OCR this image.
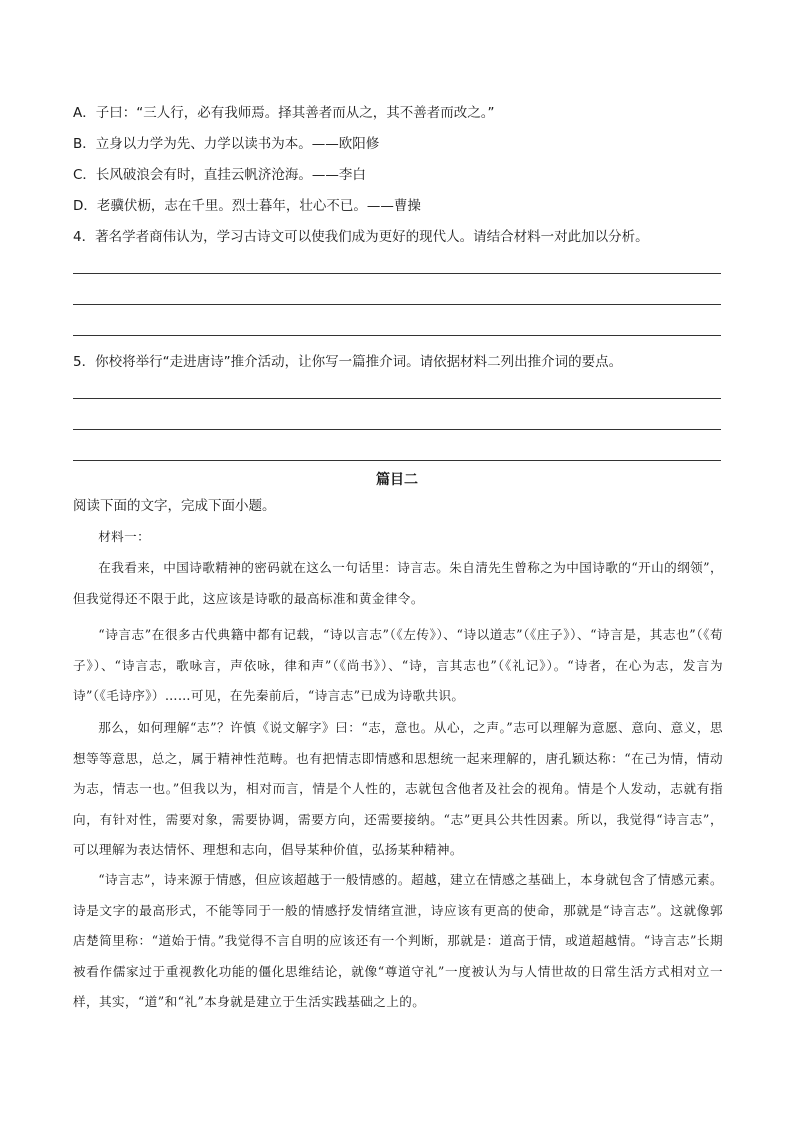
A．子曰：“三人行，必有我师焉。择其善者而从之，其不善者而改之。”
B．立身以力学为先、力学以读书为本。——欧阳修
C．长风破浪会有时，直挂云帆济沧海。——李白
D．老骥伏枥，志在千里。烈士暮年，壮心不已。——曹操
4．著名学者商伟认为，学习古诗文可以使我们成为更好的现代人。请结合材料一对此加以分析。
5．你校将举行“走进唐诗”推介活动，让你写一篇推介词。请依据材料二列出推介词的要点。
篇目二
阅读下面的文字，完成下面小题。
材料一：
在我看来，中国诗歌精神的密码就在这么一句话里：诗言志。朱自清先生曾称之为中国诗歌的“开山的纲领”，但我觉得还不限于此，这应该是诗歌的最高标准和黄金律令。
“诗言志”在很多古代典籍中都有记载，“诗以言志”（《左传》）、“诗以道志”（《庄子》）、“诗言是，其志也”（《荀子》）、“诗言志，歌咏言，声依咏，律和声”（《尚书》）、“诗，言其志也”（《礼记》）。“诗者，在心为志，发言为诗”（《毛诗序》）……可见，在先秦前后，“诗言志”已成为诗歌共识。
那么，如何理解“志”？许慎《说文解字》曰：“志，意也。从心，之声。”志可以理解为意愿、意向、意义，思想等等意思，总之，属于精神性范畴。也有把情志即情感和思想统一起来理解的，唐孔颖达称：“在己为情，情动为志，情志一也。”但我以为，相对而言，情是个人性的，志就包含他者及社会的视角。情是个人发动，志就有指向，有针对性，需要对象，需要协调，需要方向，还需要接纳。“志”更具公共性因素。所以，我觉得“诗言志”，可以理解为表达情怀、理想和志向，倡导某种价值，弘扬某种精神。
“诗言志”，诗来源于情感，但应该超越于一般情感的。超越，建立在情感之基础上，本身就包含了情感元素。诗是文字的最高形式，不能等同于一般的情感抒发情绪宣泄，诗应该有更高的使命，那就是“诗言志”。这就像郭店楚简里称：“道始于情。”我觉得不言自明的应该还有一个判断，那就是：道高于情，或道超越情。“诗言志”长期被看作儒家过于重视教化功能的僵化思维结论，就像“尊道守礼”一度被认为与人情世故的日常生活方式相对立一样，其实，“道”和“礼”本身就是建立于生活实践基础之上的。
